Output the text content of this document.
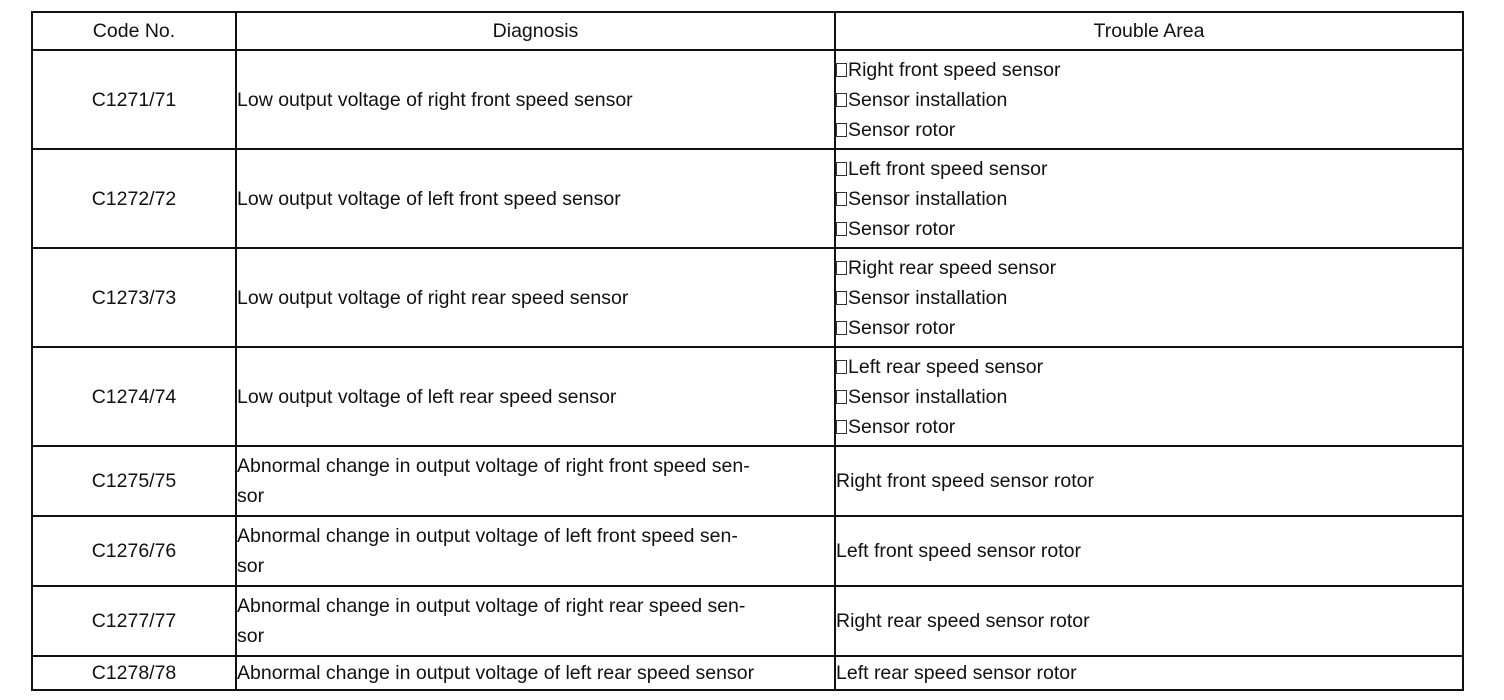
Code No.	Diagnosis	Trouble Area
C1271/71	Low output voltage of right front speed sensor	Right front speed sensor
Sensor installation
Sensor rotor

C1272/72	Low output voltage of left front speed sensor	Left front speed sensor
Sensor installation
Sensor rotor

C1273/73	Low output voltage of right rear speed sensor	Right rear speed sensor
Sensor installation
Sensor rotor

C1274/74	Low output voltage of left rear speed sensor	Left rear speed sensor
Sensor installation
Sensor rotor

C1275/75	Abnormal change in output voltage of right front speed sen-
sor	Right front speed sensor rotor

C1276/76	Abnormal change in output voltage of left front speed sen-
sor	Left front speed sensor rotor

C1277/77	Abnormal change in output voltage of right rear speed sen-
sor	Right rear speed sensor rotor

C1278/78	Abnormal change in output voltage of left rear speed sensor	Left rear speed sensor rotor
